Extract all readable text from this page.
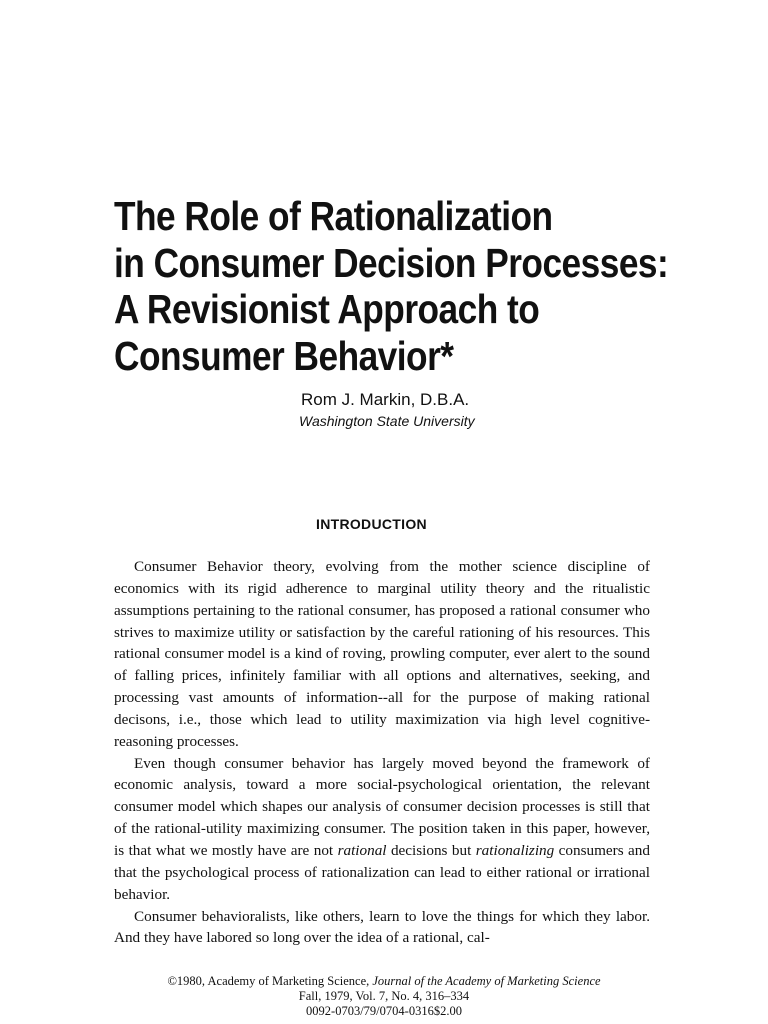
The Role of Rationalization
in Consumer Decision Processes:
A Revisionist Approach to
Consumer Behavior*

Rom J. Markin, D.B.A.

Washington State University

INTRODUCTION

Consumer Behavior theory, evolving from the mother science discipline of economics with its rigid adherence to marginal utility theory and the ritualistic assumptions pertaining to the rational consumer, has proposed a rational consumer who strives to maximize utility or satisfaction by the careful rationing of his resources. This rational consumer model is a kind of roving, prowling computer, ever alert to the sound of falling prices, infinitely familiar with all options and alternatives, seeking, and processing vast amounts of information--all for the purpose of making rational decisons, i.e., those which lead to utility maximization via high level cognitive-reasoning processes.

Even though consumer behavior has largely moved beyond the framework of economic analysis, toward a more social-psychological orientation, the relevant consumer model which shapes our analysis of consumer decision processes is still that of the rational-utility maximizing consumer. The position taken in this paper, however, is that what we mostly have are not rational decisions but rationalizing consumers and that the psychological process of rationalization can lead to either rational or irrational behavior.

Consumer behavioralists, like others, learn to love the things for which they labor. And they have labored so long over the idea of a rational, cal-

©1980, Academy of Marketing Science, Journal of the Academy of Marketing Science
Fall, 1979, Vol. 7, No. 4, 316–334
0092-0703/79/0704-0316$2.00
